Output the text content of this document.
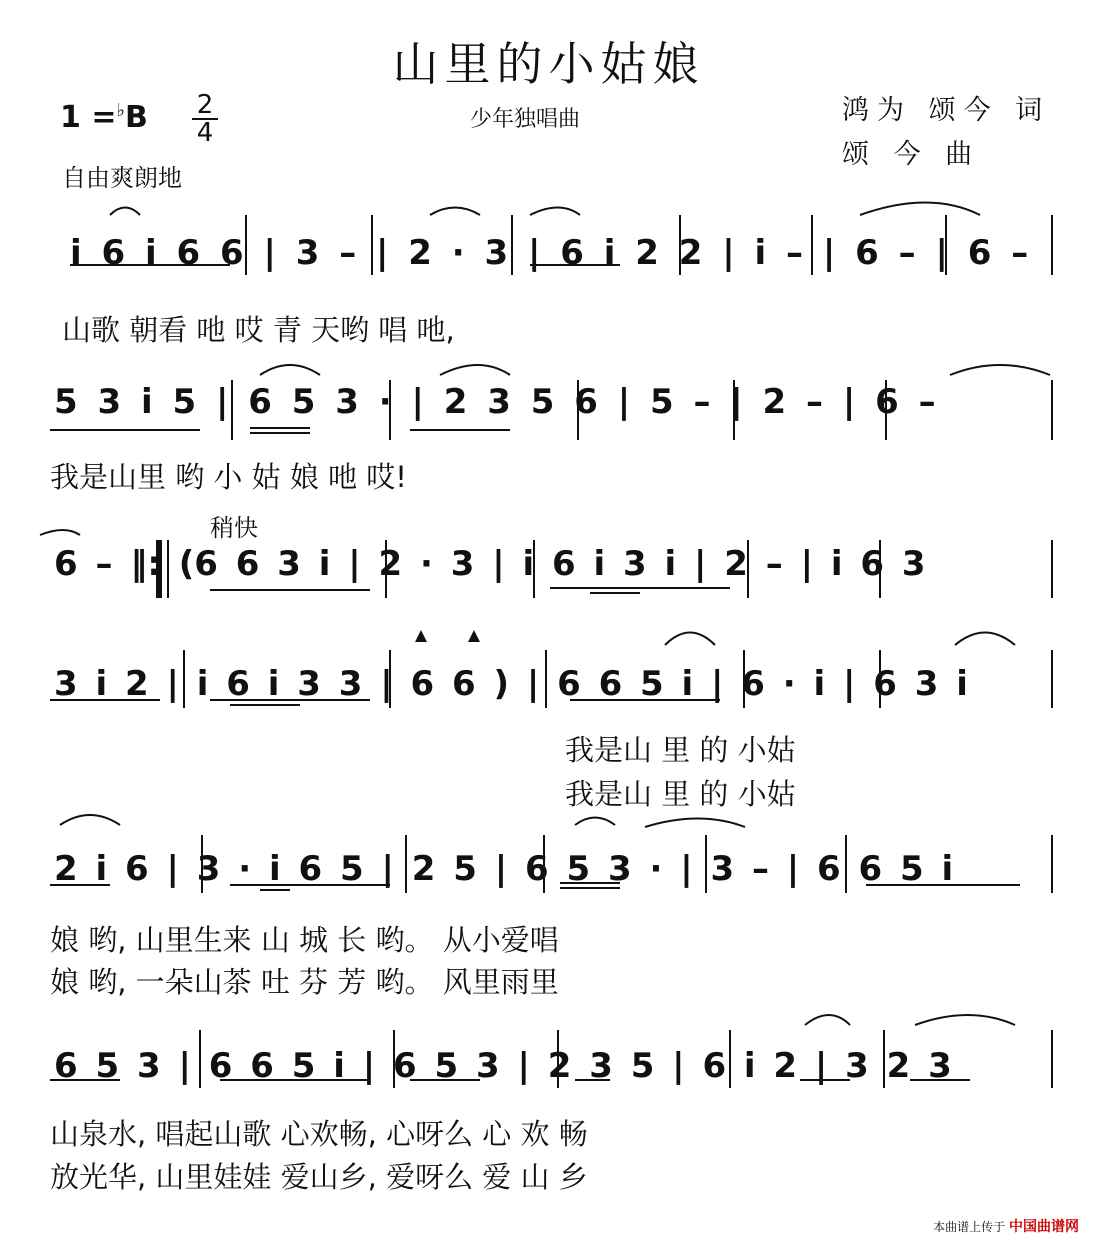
山里的小姑娘
1 =♭B 2
4	少年独唱曲	鸿为 颂今 词
颂 今 曲
自由爽朗地
稍快
i 6 i 6 6 | 3 – | 2 · 3 | 6 i 2 2 | i – | 6 – | 6 –
山歌 朝看 吔 哎 青 天哟 唱 吔,
5 3 i 5 | 6 5 3 · | 2 3 5 6 | 5 – | 2 – | 6 –
我是山里 哟 小 姑 娘 吔 哎!
6 – ‖: (6 6 3 i | 2 · 3 | i 6 i 3 i | 2 – | i 6 3
3 i 2 | i 6 i 3 3 | 6 6 ) | 6 6 5 i | 6 · i | 6 3 i
我是山 里 的 小姑
我是山 里 的 小姑
2 i 6 | 3 · i 6 5 | 2 5 | 6 5 3 · | 3 – | 6 6 5 i
娘 哟, 山里生来 山 城 长 哟。 从小爱唱
娘 哟, 一朵山茶 吐 芬 芳 哟。 风里雨里
6 5 3 | 6 6 5 i | 6 5 3 | 2 3 5 | 6 i 2 | 3 2 3
山泉水, 唱起山歌 心欢畅, 心呀么 心 欢 畅
放光华, 山里娃娃 爱山乡, 爱呀么 爱 山 乡
本曲谱上传于 中国曲谱网
